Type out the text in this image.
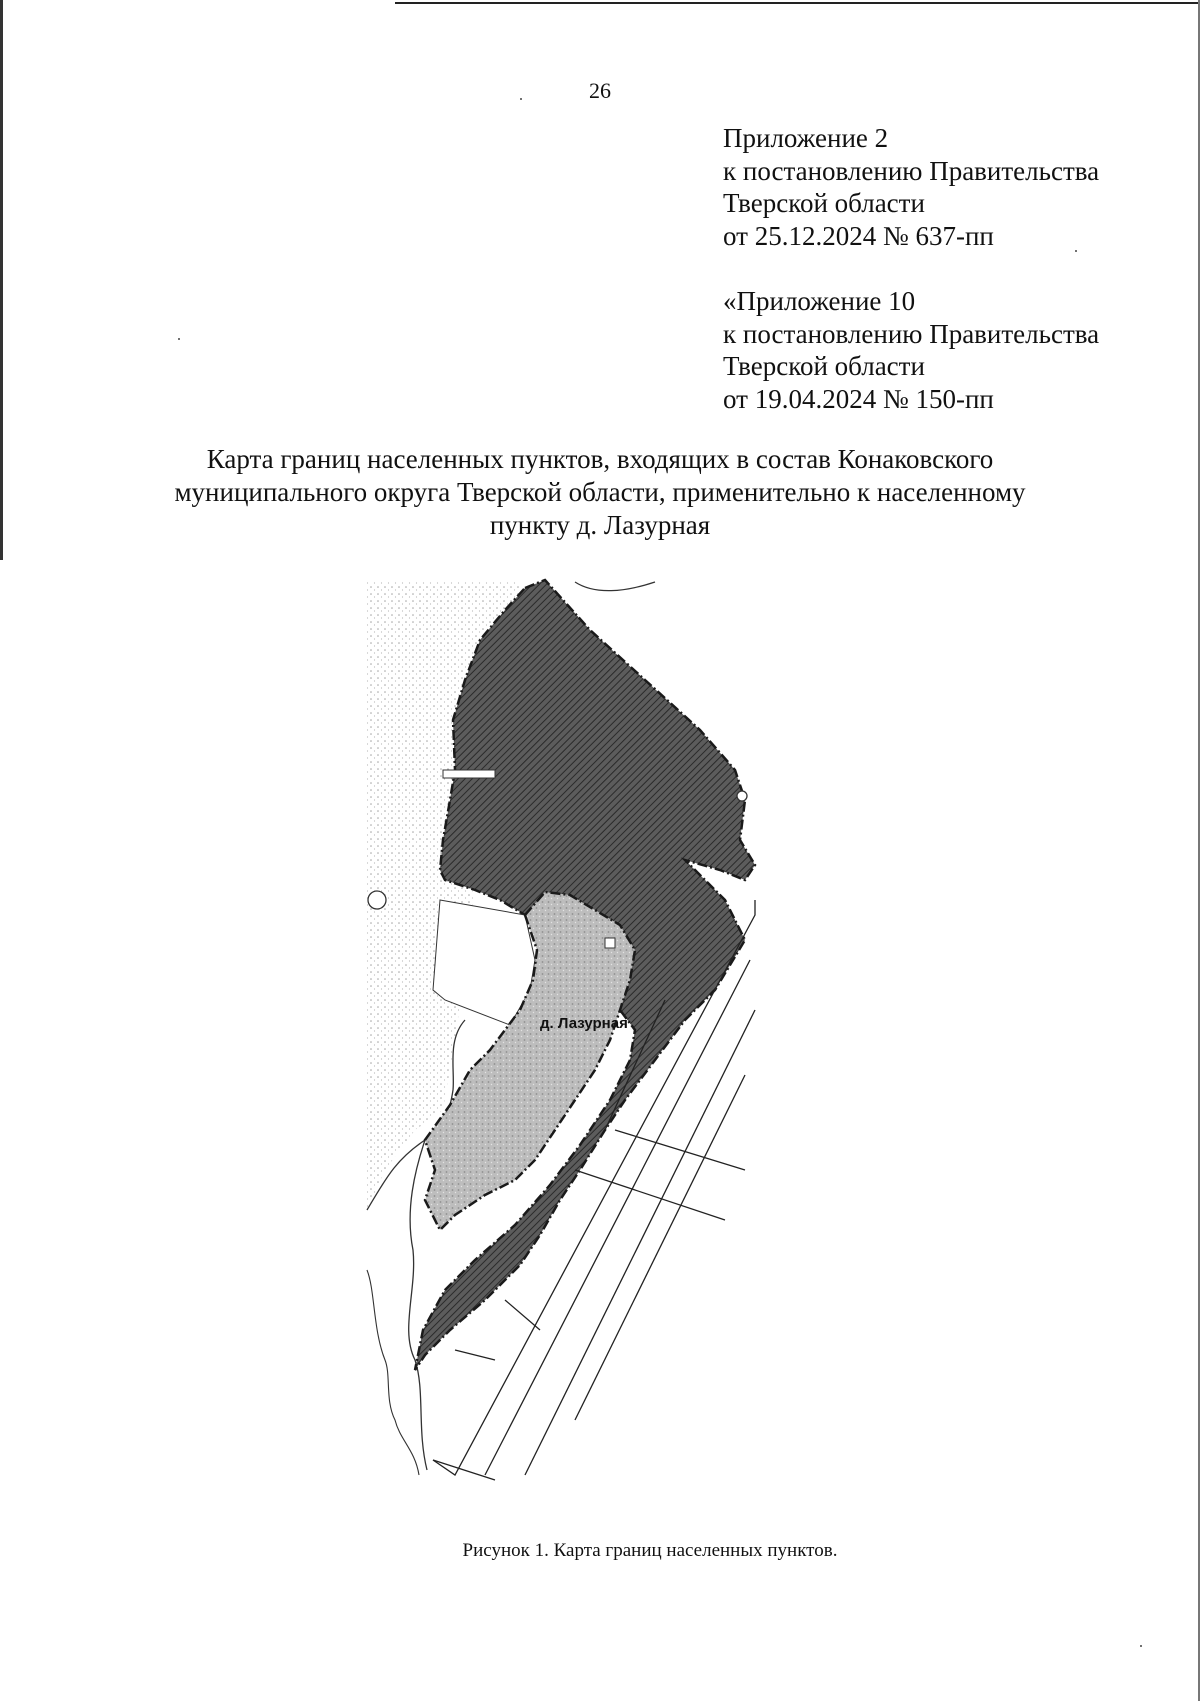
26
Приложение 2
к постановлению Правительства
Тверской области
от 25.12.2024 № 637-пп
«Приложение 10
к постановлению Правительства
Тверской области
от 19.04.2024 № 150-пп
Карта границ населенных пунктов, входящих в состав Конаковского
муниципального округа Тверской области, применительно к населенному
пункту д. Лазурная
д. Лазурная
Рисунок 1. Карта границ населенных пунктов.
